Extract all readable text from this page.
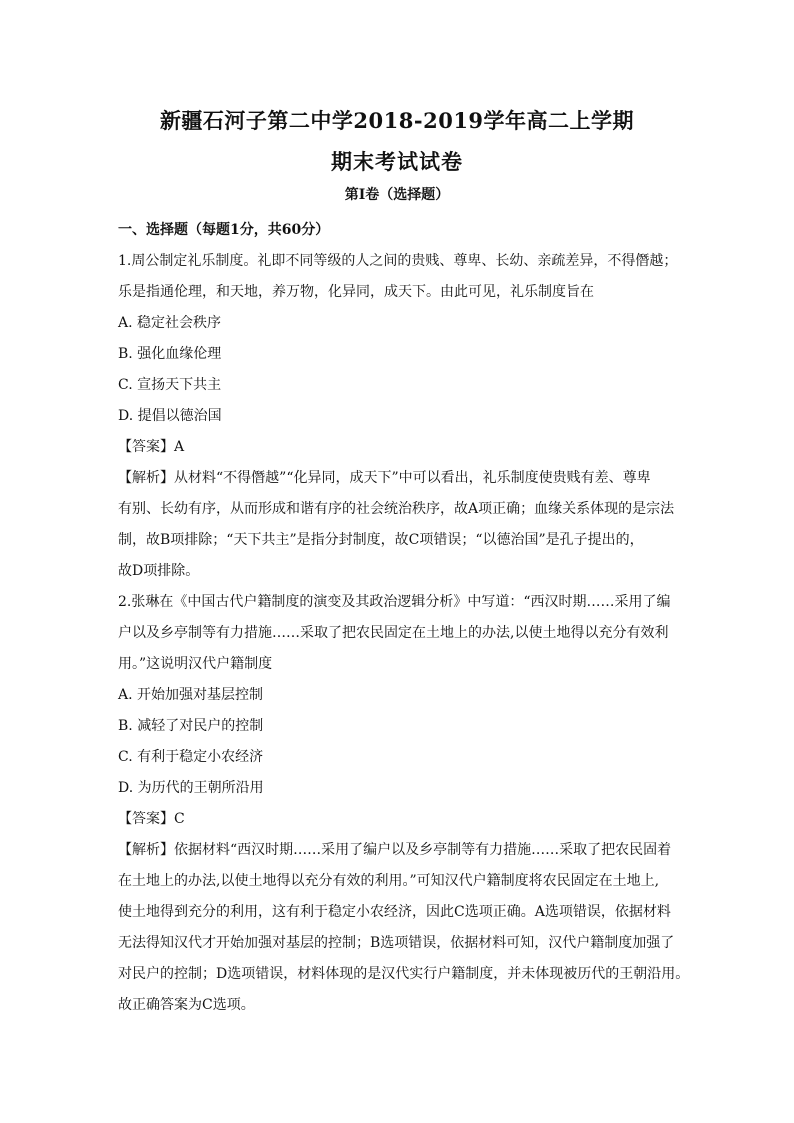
新疆石河子第二中学2018-2019学年高二上学期
期末考试试卷
第I卷（选择题）
一、选择题（每题1分，共60分）
1.周公制定礼乐制度。礼即不同等级的人之间的贵贱、尊卑、长幼、亲疏差异，不得僭越；
乐是指通伦理，和天地，养万物，化异同，成天下。由此可见，礼乐制度旨在
A. 稳定社会秩序
B. 强化血缘伦理
C. 宣扬天下共主
D. 提倡以德治国
【答案】A
【解析】从材料“不得僭越”“化异同，成天下”中可以看出，礼乐制度使贵贱有差、尊卑
有别、长幼有序，从而形成和谐有序的社会统治秩序，故A项正确；血缘关系体现的是宗法
制，故B项排除；“天下共主”是指分封制度，故C项错误；“以德治国”是孔子提出的，
故D项排除。
2.张琳在《中国古代户籍制度的演变及其政治逻辑分析》中写道：“西汉时期……采用了编
户以及乡亭制等有力措施……采取了把农民固定在土地上的办法,以使土地得以充分有效利
用。”这说明汉代户籍制度
A. 开始加强对基层控制
B. 减轻了对民户的控制
C. 有利于稳定小农经济
D. 为历代的王朝所沿用
【答案】C
【解析】依据材料“西汉时期……采用了编户以及乡亭制等有力措施……采取了把农民固着
在土地上的办法,以使土地得以充分有效的利用。”可知汉代户籍制度将农民固定在土地上,
使土地得到充分的利用，这有利于稳定小农经济，因此C选项正确。A选项错误，依据材料
无法得知汉代才开始加强对基层的控制；B选项错误，依据材料可知，汉代户籍制度加强了
对民户的控制；D选项错误，材料体现的是汉代实行户籍制度，并未体现被历代的王朝沿用。
故正确答案为C选项。
